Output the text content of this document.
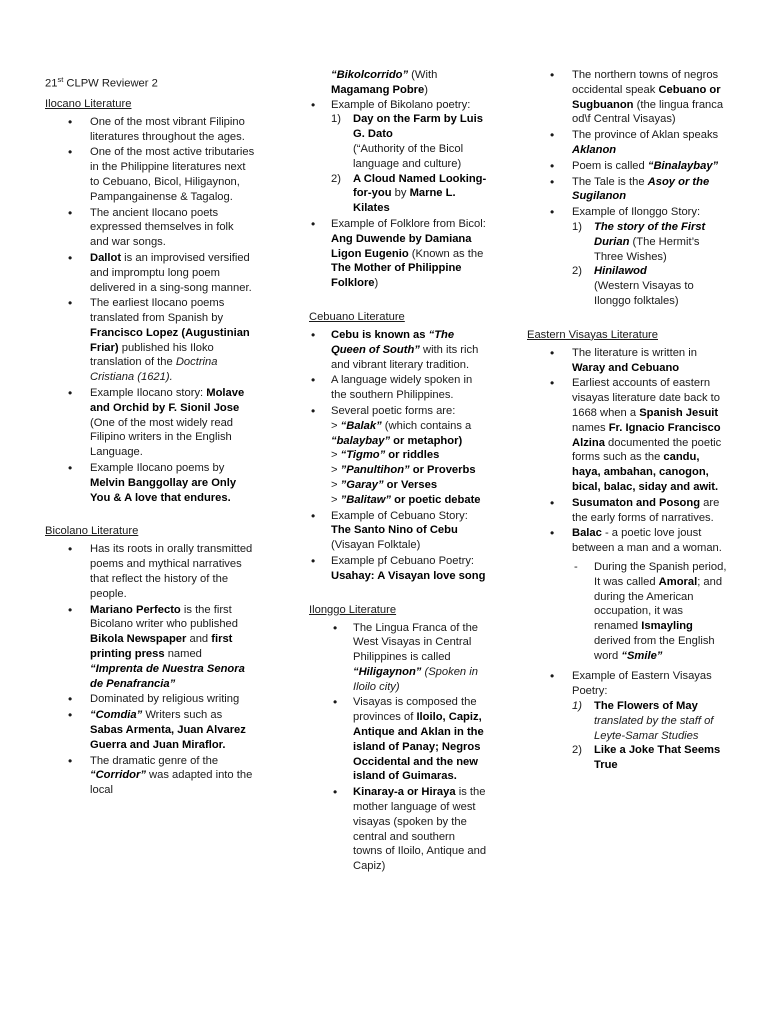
21st CLPW Reviewer 2
Ilocano Literature
• One of the most vibrant Filipino literatures throughout the ages.
• One of the most active tributaries in the Philippine literatures next to Cebuano, Bicol, Hiligaynon, Pampangainense & Tagalog.
• The ancient Ilocano poets expressed themselves in folk and war songs.
• Dallot is an improvised versified and impromptu long poem delivered in a sing-song manner.
• The earliest Ilocano poems translated from Spanish by Francisco Lopez (Augustinian Friar) published his Iloko translation of the Doctrina Cristiana (1621).
• Example Ilocano story: Molave and Orchid by F. Sionil Jose (One of the most widely read Filipino writers in the English Language.
• Example Ilocano poems by Melvin Banggollay are Only You & A love that endures.
Bicolano Literature
• Has its roots in orally transmitted poems and mythical narratives that reflect the history of the people.
• Mariano Perfecto is the first Bicolano writer who published Bikola Newspaper and first printing press named “Imprenta de Nuestra Senora de Penafrancia”
• Dominated by religious writing
• “Comdia” Writers such as Sabas Armenta, Juan Alvarez Guerra and Juan Miraflor.
• The dramatic genre of the “Corridor” was adapted into the local
“Bikolcorrido” (With Magamang Pobre)
• Example of Bikolano poetry:
1) Day on the Farm by Luis G. Dato
(“Authority of the Bicol language and culture)
2) A Cloud Named Looking-for-you by Marne L. Kilates
• Example of Folklore from Bicol: Ang Duwende by Damiana Ligon Eugenio (Known as the The Mother of Philippine Folklore)
Cebuano Literature
• Cebu is known as “The Queen of South” with its rich and vibrant literary tradition.
• A language widely spoken in the southern Philippines.
• Several poetic forms are:
> “Balak” (which contains a “balaybay” or metaphor)
> “Tigmo” or riddles
> ”Panultihon” or Proverbs
> ”Garay” or Verses
> ”Balitaw” or poetic debate
• Example of Cebuano Story: The Santo Nino of Cebu (Visayan Folktale)
• Example pf Cebuano Poetry: Usahay: A Visayan love song
Ilonggo Literature
• The Lingua Franca of the West Visayas in Central Philippines is called “Hiligaynon” (Spoken in Iloilo city)
• Visayas is composed the provinces of Iloilo, Capiz, Antique and Aklan in the island of Panay; Negros Occidental and the new island of Guimaras.
• Kinaray-a or Hiraya is the mother language of west visayas (spoken by the central and southern towns of Iloilo, Antique and Capiz)
• The northern towns of negros occidental speak Cebuano or Sugbuanon (the lingua franca od\f Central Visayas)
• The province of Aklan speaks Aklanon
• Poem is called “Binalaybay”
• The Tale is the Asoy or the Sugilanon
• Example of Ilonggo Story:
1) The story of the First Durian (The Hermit’s Three Wishes)
2) Hinilawod
(Western Visayas to Ilonggo folktales)
Eastern Visayas Literature
• The literature is written in Waray and Cebuano
• Earliest accounts of eastern visayas literature date back to 1668 when a Spanish Jesuit names Fr. Ignacio Francisco Alzina documented the poetic forms such as the candu, haya, ambahan, canogon, bical, balac, siday and awit.
• Susumaton and Posong are the early forms of narratives.
• Balac - a poetic love joust between a man and a woman.
- During the Spanish period, It was called Amoral; and during the American occupation, it was renamed Ismayling derived from the English word “Smile”
• Example of Eastern Visayas Poetry:
1) The Flowers of May
translated by the staff of Leyte-Samar Studies
2) Like a Joke That Seems True
